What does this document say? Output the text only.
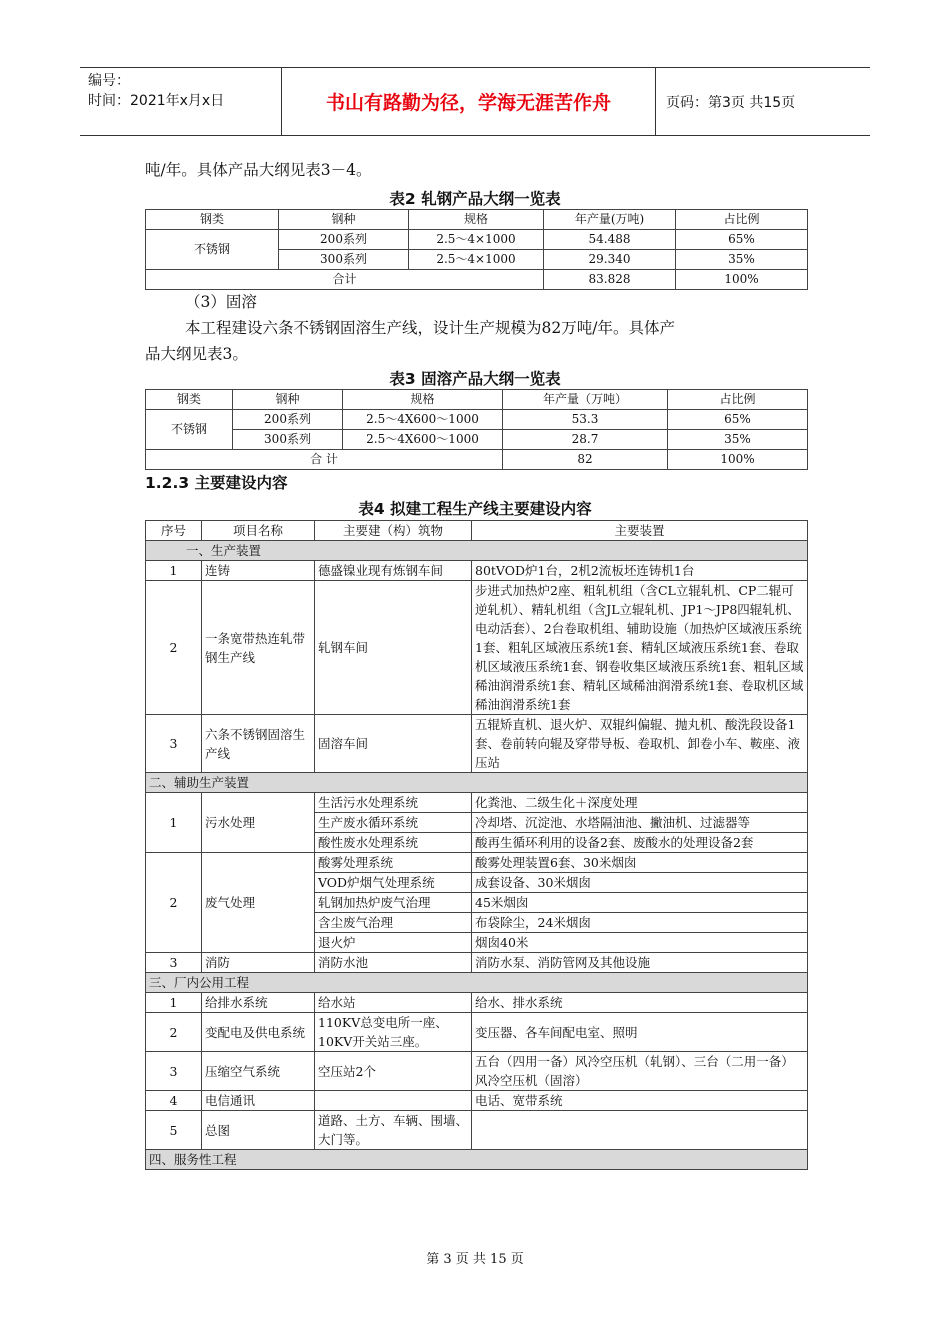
编号：
时间：2021年x月x日	书山有路勤为径，学海无涯苦作舟	页码：第3页 共15页
吨/年。具体产品大纲见表3－4。
表2 轧钢产品大纲一览表
钢类	钢种	规格	年产量(万吨)	占比例
不锈钢	200系列	2.5～4×1000	54.488	65%
	300系列	2.5～4×1000	29.340	35%
合计			83.828	100%
（3）固溶
本工程建设六条不锈钢固溶生产线，设计生产规模为82万吨/年。具体产
品大纲见表3。
表3 固溶产品大纲一览表
钢类	钢种	规格	年产量（万吨）	占比例
不锈钢	200系列	2.5～4X600～1000	53.3	65%
	300系列	2.5～4X600～1000	28.7	35%
合 计			82	100%
1.2.3 主要建设内容
表4 拟建工程生产线主要建设内容
序号	项目名称	主要建（构）筑物	主要装置
一、生产装置			
1	连铸	德盛镍业现有炼钢车间	80tVOD炉1台，2机2流板坯连铸机1台
2	一条宽带热连轧带钢生产线	轧钢车间	步进式加热炉2座、粗轧机组（含CL立辊轧机、CP二辊可逆轧机）、精轧机组（含JL立辊轧机、JP1～JP8四辊轧机、电动活套）、2台卷取机组、辅助设施（加热炉区域液压系统1套、粗轧区域液压系统1套、精轧区域液压系统1套、卷取机区域液压系统1套、钢卷收集区域液压系统1套、粗轧区域稀油润滑系统1套、精轧区域稀油润滑系统1套、卷取机区域稀油润滑系统1套
3	六条不锈钢固溶生产线	固溶车间	五辊矫直机、退火炉、双辊纠偏辊、抛丸机、酸洗段设备1套、卷前转向辊及穿带导板、卷取机、卸卷小车、鞍座、液压站
二、辅助生产装置			
1	污水处理	生活污水处理系统	化粪池、二级生化＋深度处理
		生产废水循环系统	冷却塔、沉淀池、水塔隔油池、撇油机、过滤器等
		酸性废水处理系统	酸再生循环利用的设备2套、废酸水的处理设备2套
2	废气处理	酸雾处理系统	酸雾处理装置6套、30米烟囱
		VOD炉烟气处理系统	成套设备、30米烟囱
		轧钢加热炉废气治理	45米烟囱
		含尘废气治理	布袋除尘，24米烟囱
		退火炉	烟囱40米
3	消防	消防水池	消防水泵、消防管网及其他设施
三、厂内公用工程			
1	给排水系统	给水站	给水、排水系统
2	变配电及供电系统	110KV总变电所一座、10KV开关站三座。	变压器、各车间配电室、照明
3	压缩空气系统	空压站2个	五台（四用一备）风冷空压机（轧钢）、三台（二用一备）风冷空压机（固溶）
4	电信通讯		电话、宽带系统
5	总图	道路、土方、车辆、围墙、大门等。	
四、服务性工程			
第 3 页 共 15 页
